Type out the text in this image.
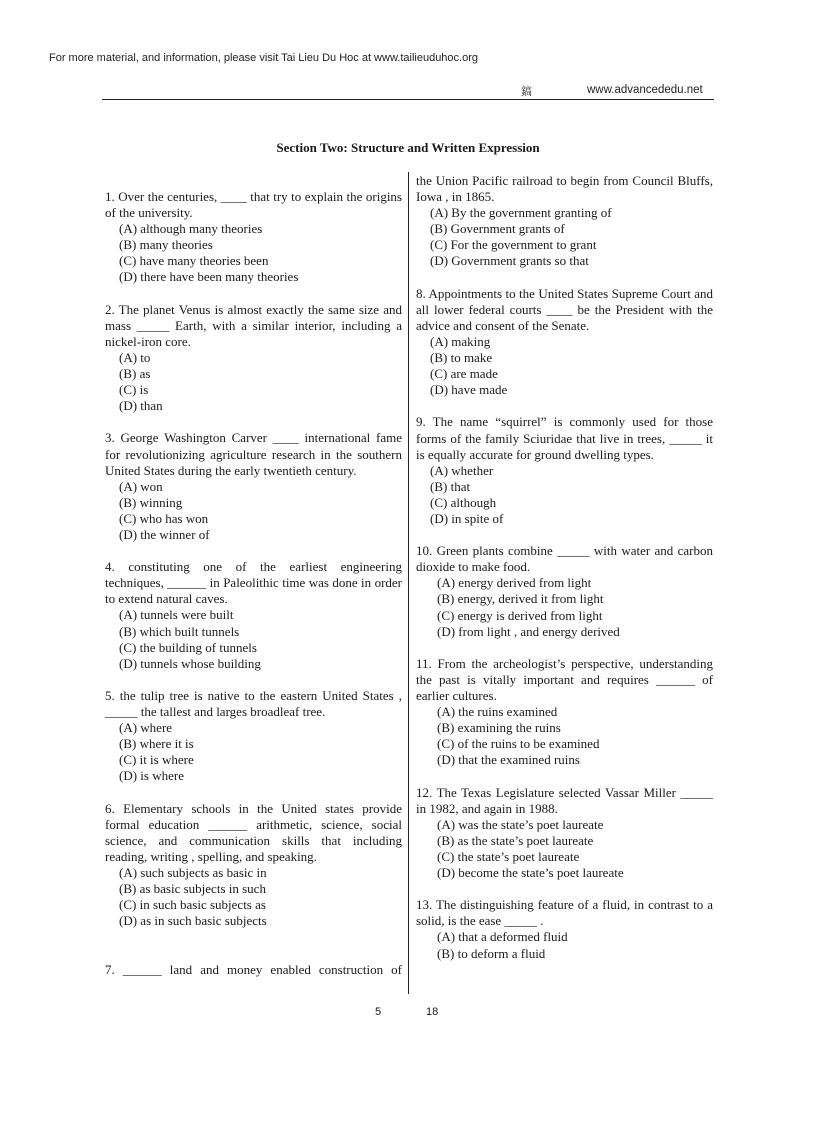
For more material, and information, please visit Tai Lieu Du Hoc at www.tailieuduhoc.org
鎬	www.advancededu.net
Section Two: Structure and Written Expression
1. Over the centuries, ____ that try to explain the origins of the university.
(A) although many theories
(B) many theories
(C) have many theories been
(D) there have been many theories
2. The planet Venus is almost exactly the same size and mass _____ Earth, with a similar interior, including a nickel-iron core.
(A) to
(B) as
(C) is
(D) than
3. George Washington Carver ____ international fame for revolutionizing agriculture research in the southern United States during the early twentieth century.
(A) won
(B) winning
(C) who has won
(D) the winner of
4. constituting one of the earliest engineering techniques, ______ in Paleolithic time was done in order to extend natural caves.
(A) tunnels were built
(B) which built tunnels
(C) the building of tunnels
(D) tunnels whose building
5. the tulip tree is native to the eastern United States , _____ the tallest and larges broadleaf tree.
(A) where
(B) where it is
(C) it is where
(D) is where
6. Elementary schools in the United states provide formal education ______ arithmetic, science, social science, and communication skills that including reading, writing , spelling, and speaking.
(A) such subjects as basic in
(B) as basic subjects in such
(C) in such basic subjects as
(D) as in such basic subjects
7. ______ land and money enabled construction of
the Union Pacific railroad to begin from Council Bluffs, Iowa , in 1865.
(A) By the government granting of
(B) Government grants of
(C) For the government to grant
(D) Government grants so that
8. Appointments to the United States Supreme Court and all lower federal courts ____ be the President with the advice and consent of the Senate.
(A) making
(B) to make
(C) are made
(D) have made
9. The name “squirrel” is commonly used for those forms of the family Sciuridae that live in trees, _____ it is equally accurate for ground dwelling types.
(A) whether
(B) that
(C) although
(D) in spite of
10. Green plants combine _____ with water and carbon dioxide to make food.
(A) energy derived from light
(B) energy, derived it from light
(C) energy is derived from light
(D) from light , and energy derived
11. From the archeologist’s perspective, understanding the past is vitally important and requires ______ of earlier cultures.
(A) the ruins examined
(B) examining the ruins
(C) of the ruins to be examined
(D) that the examined ruins
12. The Texas Legislature selected Vassar Miller _____ in 1982, and again in 1988.
(A) was the state’s poet laureate
(B) as the state’s poet laureate
(C) the state’s poet laureate
(D) become the state’s poet laureate
13. The distinguishing feature of a fluid, in contrast to a solid, is the ease _____ .
(A) that a deformed fluid
(B) to deform a fluid
5	18
